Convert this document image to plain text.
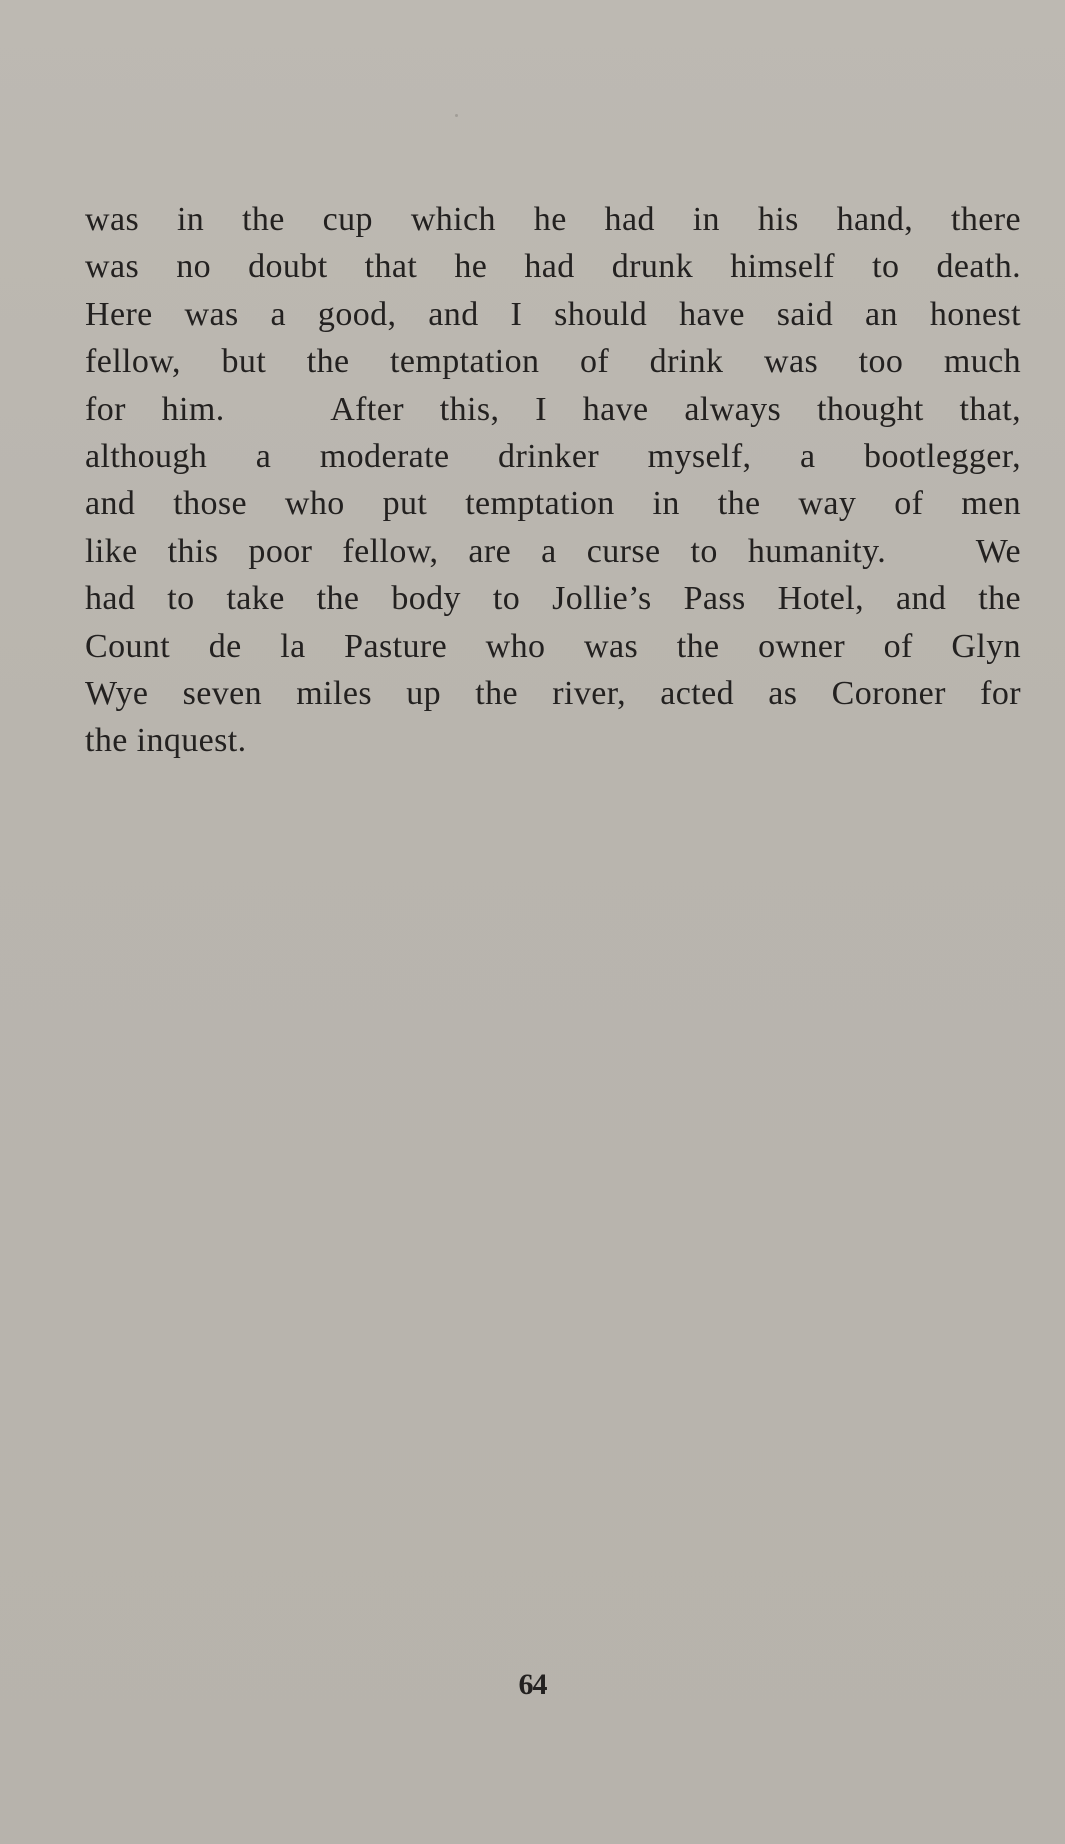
was in the cup which he had in his hand, there
was no doubt that he had drunk himself to death.
Here was a good, and I should have said an honest
fellow, but the temptation of drink was too much
for him.   After this, I have always thought that,
although a moderate drinker myself, a bootlegger,
and those who put temptation in the way of men
like this poor fellow, are a curse to humanity.   We
had to take the body to Jollie’s Pass Hotel, and the
Count de la Pasture who was the owner of Glyn
Wye seven miles up the river, acted as Coroner for
the inquest.
64
